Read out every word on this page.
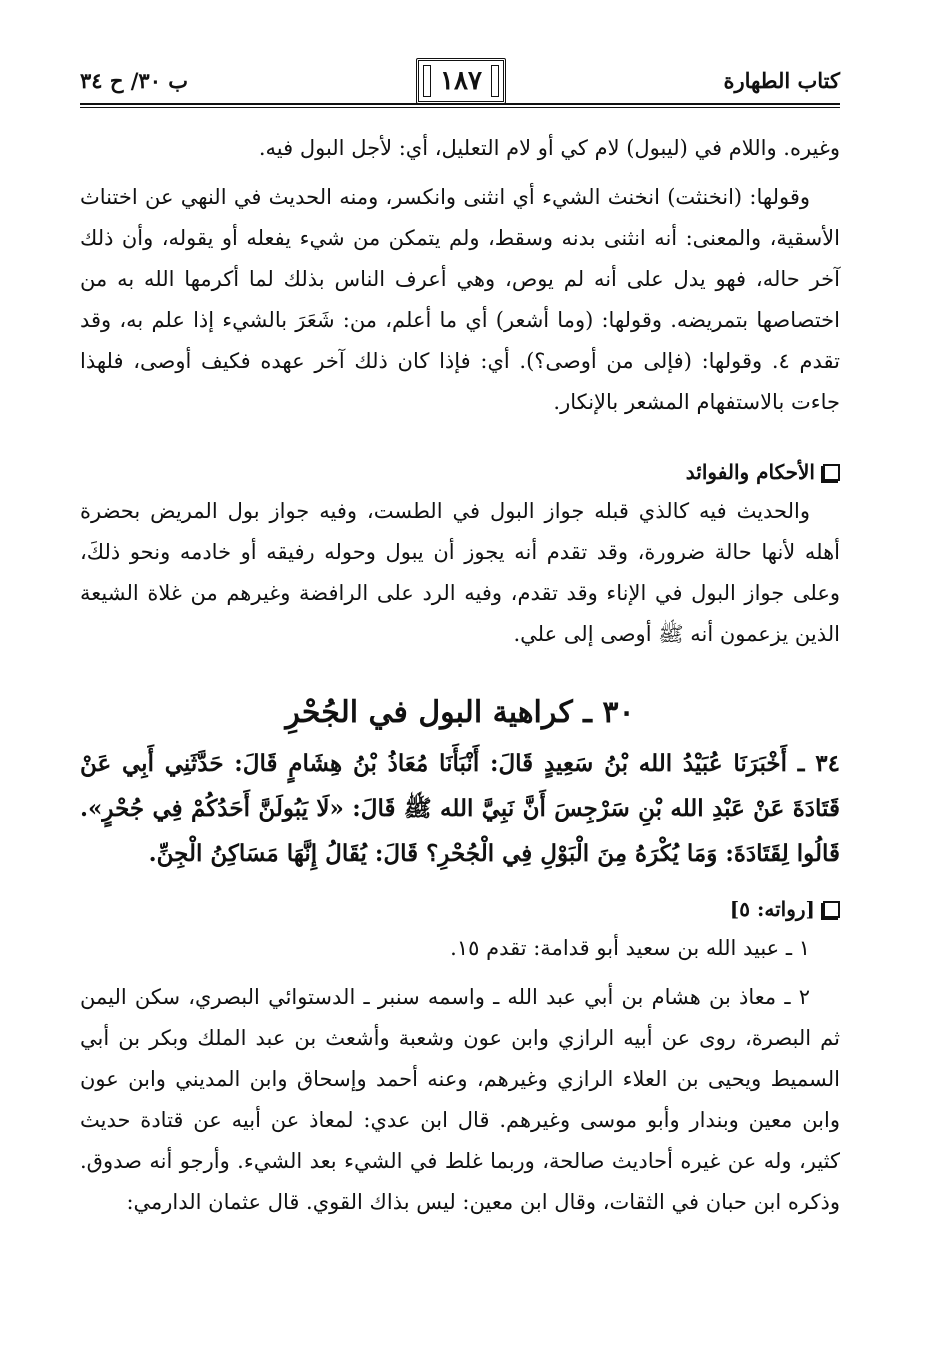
كتاب الطهارة
١٨٧
ب ٣٠/ ح ٣٤

وغيره. واللام في (ليبول) لام كي أو لام التعليل، أي: لأجل البول فيه.

وقولها: (انخنثت) انخنث الشيء أي انثنى وانكسر، ومنه الحديث في النهي عن اختناث الأسقية، والمعنى: أنه انثنى بدنه وسقط، ولم يتمكن من شيء يفعله أو يقوله، وأن ذلك آخر حاله، فهو يدل على أنه لم يوص، وهي أعرف الناس بذلك لما أكرمها الله به من اختصاصها بتمريضه. وقولها: (وما أشعر) أي ما أعلم، من: شَعَرَ بالشيء إذا علم به، وقد تقدم ٤. وقولها: (فإلى من أوصى؟). أي: فإذا كان ذلك آخر عهده فكيف أوصى، فلهذا جاءت بالاستفهام المشعر بالإنكار.

الأحكام والفوائد

والحديث فيه كالذي قبله جواز البول في الطست، وفيه جواز بول المريض بحضرة أهله لأنها حالة ضرورة، وقد تقدم أنه يجوز أن يبول وحوله رفيقه أو خادمه ونحو ذلكَ، وعلى جواز البول في الإناء وقد تقدم، وفيه الرد على الرافضة وغيرهم من غلاة الشيعة الذين يزعمون أنه ﷺ أوصى إلى علي.

٣٠ ـ كراهية البول في الجُحْرِ

٣٤ ـ أَخْبَرَنَا عُبَيْدُ الله بْنُ سَعِيدٍ قَالَ: أَنْبَأَنَا مُعَاذُ بْنُ هِشَامٍ قَالَ: حَدَّثَنِي أَبِي عَنْ قَتَادَةَ عَنْ عَبْدِ الله بْنِ سَرْجِسَ أَنَّ نَبِيَّ الله ﷺ قَالَ: «لَا يَبُولَنَّ أَحَدُكُمْ فِي جُحْرٍ». قَالُوا لِقَتَادَةَ: وَمَا يُكْرَهُ مِنَ الْبَوْلِ فِي الْجُحْرِ؟ قَالَ: يُقَالُ إِنَّهَا مَسَاكِنُ الْجِنِّ.

[رواته: ٥]

١ ـ عبيد الله بن سعيد أبو قدامة: تقدم ١٥.

٢ ـ معاذ بن هشام بن أبي عبد الله ـ واسمه سنبر ـ الدستوائي البصري، سكن اليمن ثم البصرة، روى عن أبيه الرازي وابن عون وشعبة وأشعث بن عبد الملك وبكر بن أبي السميط ويحيى بن العلاء الرازي وغيرهم، وعنه أحمد وإسحاق وابن المديني وابن عون وابن معين وبندار وأبو موسى وغيرهم. قال ابن عدي: لمعاذ عن أبيه عن قتادة حديث كثير، وله عن غيره أحاديث صالحة، وربما غلط في الشيء بعد الشيء. وأرجو أنه صدوق. وذكره ابن حبان في الثقات، وقال ابن معين: ليس بذاك القوي. قال عثمان الدارمي:
